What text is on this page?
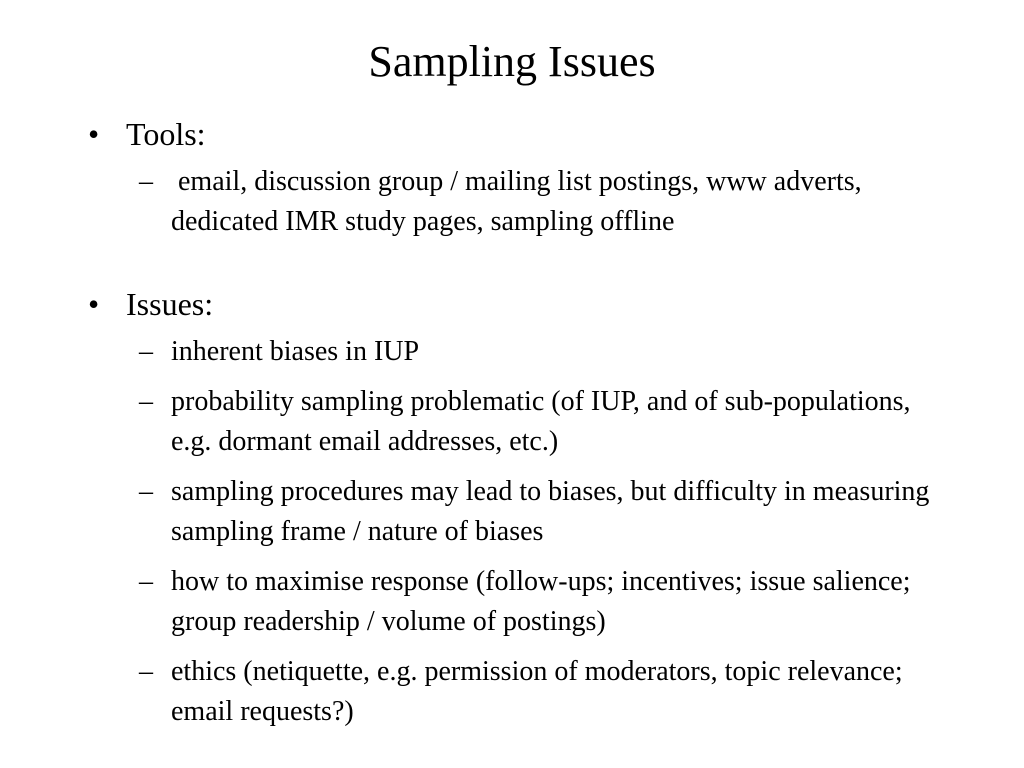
Sampling Issues
• Tools:
– email, discussion group / mailing list postings, www adverts, dedicated IMR study pages, sampling offline
• Issues:
– inherent biases in IUP
– probability sampling problematic (of IUP, and of sub-populations, e.g. dormant email addresses, etc.)
– sampling procedures may lead to biases, but difficulty in measuring sampling frame / nature of biases
– how to maximise response (follow-ups; incentives; issue salience; group readership / volume of postings)
– ethics (netiquette, e.g. permission of moderators, topic relevance; email requests?)
